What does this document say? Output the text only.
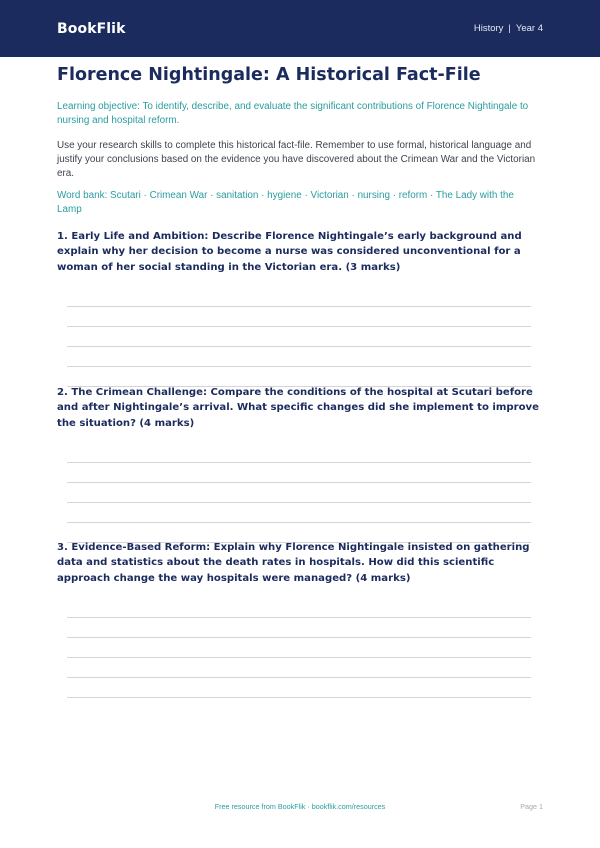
BookFlik	History | Year 4
Florence Nightingale: A Historical Fact-File

Learning objective: To identify, describe, and evaluate the significant contributions of Florence Nightingale to nursing and hospital reform.

Use your research skills to complete this historical fact-file. Remember to use formal, historical language and justify your conclusions based on the evidence you have discovered about the Crimean War and the Victorian era.

Word bank: Scutari · Crimean War · sanitation · hygiene · Victorian · nursing · reform · The Lady with the Lamp

1. Early Life and Ambition: Describe Florence Nightingale’s early background and explain why her decision to become a nurse was considered unconventional for a woman of her social standing in the Victorian era. (3 marks)
2. The Crimean Challenge: Compare the conditions of the hospital at Scutari before and after Nightingale’s arrival. What specific changes did she implement to improve the situation? (4 marks)
3. Evidence-Based Reform: Explain why Florence Nightingale insisted on gathering data and statistics about the death rates in hospitals. How did this scientific approach change the way hospitals were managed? (4 marks)
Free resource from BookFlik · bookflik.com/resources	Page 1
